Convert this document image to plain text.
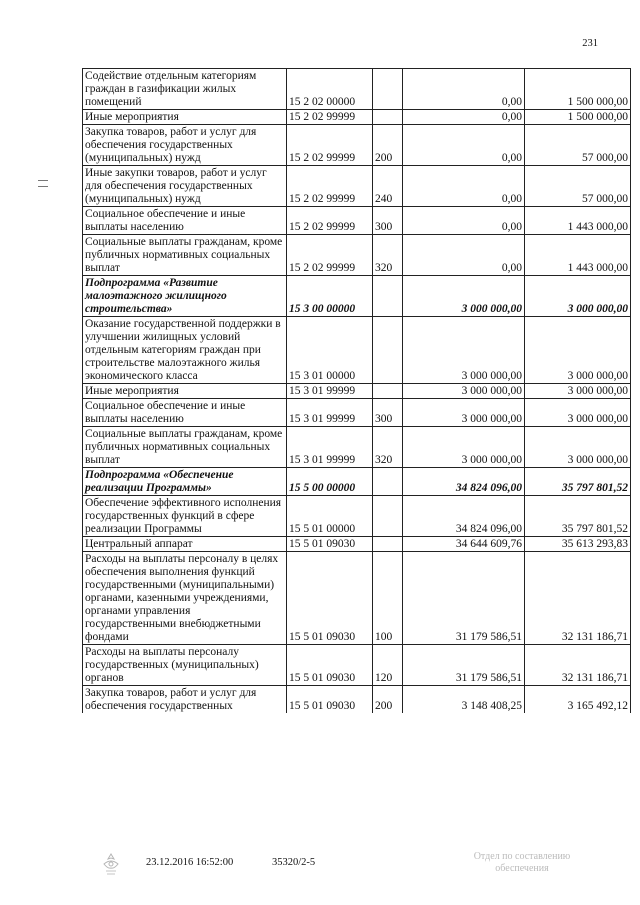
231
Содействие отдельным категориям граждан в газификации жилых помещений	15 2 02 00000		0,00	1 500 000,00
Иные мероприятия	15 2 02 99999		0,00	1 500 000,00
Закупка товаров, работ и услуг для обеспечения государственных (муниципальных) нужд	15 2 02 99999	200	0,00	57 000,00
Иные закупки товаров, работ и услуг для обеспечения государственных (муниципальных) нужд	15 2 02 99999	240	0,00	57 000,00
Социальное обеспечение и иные выплаты населению	15 2 02 99999	300	0,00	1 443 000,00
Социальные выплаты гражданам, кроме публичных нормативных социальных выплат	15 2 02 99999	320	0,00	1 443 000,00
Подпрограмма «Развитие малоэтажного жилищного строительства»	15 3 00 00000		3 000 000,00	3 000 000,00
Оказание государственной поддержки в улучшении жилищных условий отдельным категориям граждан при строительстве малоэтажного жилья экономического класса	15 3 01 00000		3 000 000,00	3 000 000,00
Иные мероприятия	15 3 01 99999		3 000 000,00	3 000 000,00
Социальное обеспечение и иные выплаты населению	15 3 01 99999	300	3 000 000,00	3 000 000,00
Социальные выплаты гражданам, кроме публичных нормативных социальных выплат	15 3 01 99999	320	3 000 000,00	3 000 000,00
Подпрограмма «Обеспечение реализации Программы»	15 5 00 00000		34 824 096,00	35 797 801,52
Обеспечение эффективного исполнения государственных функций в сфере реализации Программы	15 5 01 00000		34 824 096,00	35 797 801,52
Центральный аппарат	15 5 01 09030		34 644 609,76	35 613 293,83
Расходы на выплаты персоналу в целях обеспечения выполнения функций государственными (муниципальными) органами, казенными учреждениями, органами управления государственными внебюджетными фондами	15 5 01 09030	100	31 179 586,51	32 131 186,71
Расходы на выплаты персоналу государственных (муниципальных) органов	15 5 01 09030	120	31 179 586,51	32 131 186,71
Закупка товаров, работ и услуг для обеспечения государственных	15 5 01 09030	200	3 148 408,25	3 165 492,12
23.12.2016 16:52:00	35320/2-5
Отдел по составлению
обеспечения
